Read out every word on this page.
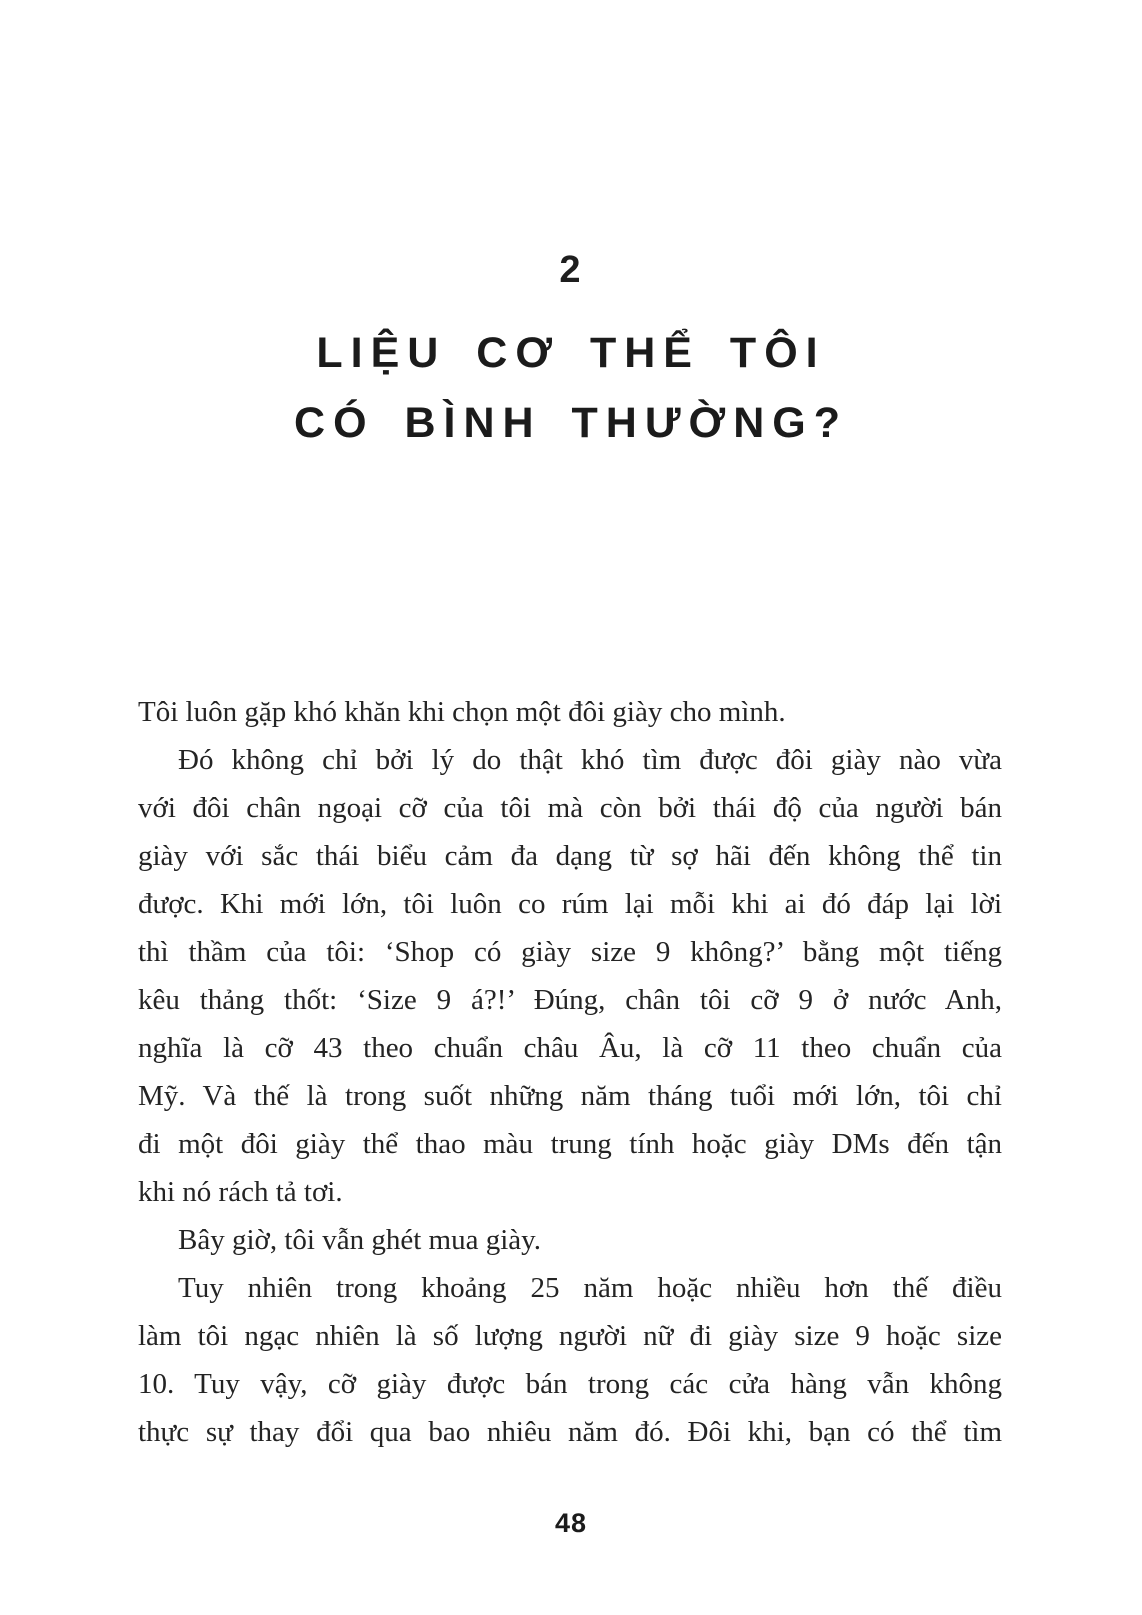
2
LIỆU CƠ THỂ TÔI
CÓ BÌNH THƯỜNG?
Tôi luôn gặp khó khăn khi chọn một đôi giày cho mình.
Đó không chỉ bởi lý do thật khó tìm được đôi giày nào vừa
với đôi chân ngoại cỡ của tôi mà còn bởi thái độ của người bán
giày với sắc thái biểu cảm đa dạng từ sợ hãi đến không thể tin
được. Khi mới lớn, tôi luôn co rúm lại mỗi khi ai đó đáp lại lời
thì thầm của tôi: ‘Shop có giày size 9 không?’ bằng một tiếng
kêu thảng thốt: ‘Size 9 á?!’ Đúng, chân tôi cỡ 9 ở nước Anh,
nghĩa là cỡ 43 theo chuẩn châu Âu, là cỡ 11 theo chuẩn của
Mỹ. Và thế là trong suốt những năm tháng tuổi mới lớn, tôi chỉ
đi một đôi giày thể thao màu trung tính hoặc giày DMs đến tận
khi nó rách tả tơi.
Bây giờ, tôi vẫn ghét mua giày.
Tuy nhiên trong khoảng 25 năm hoặc nhiều hơn thế điều
làm tôi ngạc nhiên là số lượng người nữ đi giày size 9 hoặc size
10. Tuy vậy, cỡ giày được bán trong các cửa hàng vẫn không
thực sự thay đổi qua bao nhiêu năm đó. Đôi khi, bạn có thể tìm
48
